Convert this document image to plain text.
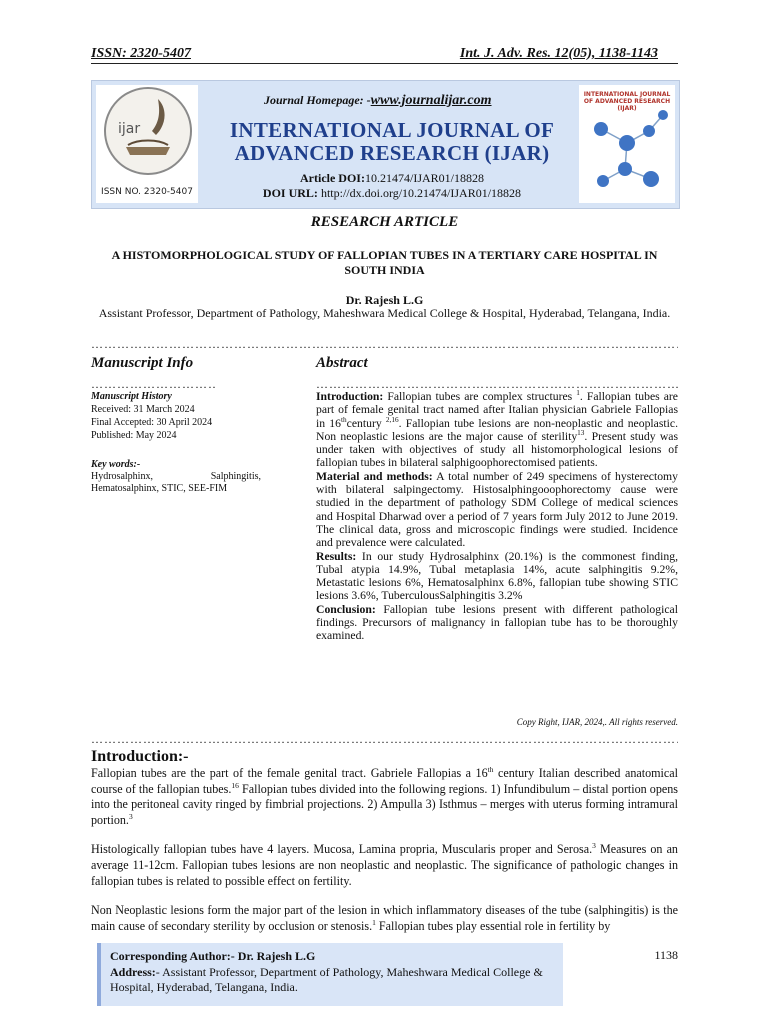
ISSN: 2320-5407	Int. J. Adv. Res. 12(05), 1138-1143
ijar
ISSN NO. 2320-5407
Journal Homepage: -www.journalijar.com
INTERNATIONAL JOURNAL OF
ADVANCED RESEARCH (IJAR)
Article DOI:10.21474/IJAR01/18828
DOI URL: http://dx.doi.org/10.21474/IJAR01/18828
INTERNATIONAL JOURNAL OF ADVANCED RESEARCH (IJAR)
RESEARCH ARTICLE
A HISTOMORPHOLOGICAL STUDY OF FALLOPIAN TUBES IN A TERTIARY CARE HOSPITAL IN SOUTH INDIA
Dr. Rajesh L.G
Assistant Professor, Department of Pathology, Maheshwara Medical College & Hospital, Hyderabad, Telangana, India.
…………………………………………………………………………………………………………………………………………………………………………………
Manuscript Info	Abstract
…………………………………………………………………………………………………………………………………………………………………………………
…………………………………………………………………………………………………………………………………………………………………………………
Manuscript History
Received: 31 March 2024
Final Accepted: 30 April 2024
Published: May 2024
Key words:-
Hydrosalphinx,	Salphingitis,
Hematosalphinx, STIC, SEE-FIM

Introduction: Fallopian tubes are complex structures $^1$. Fallopian tubes are part of female genital tract named after Italian physician Gabriele Fallopias in 16thcentury $^{2,16}$. Fallopian tube lesions are non-neoplastic and neoplastic. Non neoplastic lesions are the major cause of sterility$^{13}$. Present study was under taken with objectives of study all histomorphological lesions of fallopian tubes in bilateral salphigoophorectomised patients.

Material and methods: A total number of 249 specimens of hysterectomy with bilateral salpingectomy. Histosalphingooophorectomy cause were studied in the department of pathology SDM College of medical sciences and Hospital Dharwad over a period of 7 years form July 2012 to June 2019. The clinical data, gross and microscopic findings were studied. Incidence and prevalence were calculated.

Results: In our study Hydrosalphinx (20.1%) is the commonest finding, Tubal atypia 14.9%, Tubal metaplasia 14%, acute salphingitis 9.2%, Metastatic lesions 6%, Hematosalphinx 6.8%, fallopian tube showing STIC lesions 3.6%, TuberculousSalphingitis 3.2%

Conclusion: Fallopian tube lesions present with different pathological findings. Precursors of malignancy in fallopian tube has to be thoroughly examined.

Copy Right, IJAR, 2024,. All rights reserved.
…………………………………………………………………………………………………………………………………………………………………………………
Introduction:-

Fallopian tubes are the part of the female genital tract. Gabriele Fallopias a 16th century Italian described anatomical course of the fallopian tubes.$^{16}$ Fallopian tubes divided into the following regions. 1) Infundibulum – distal portion opens into the peritoneal cavity ringed by fimbrial projections. 2) Ampulla 3) Isthmus – merges with uterus forming intramural portion.$^3$

Histologically fallopian tubes have 4 layers. Mucosa, Lamina propria, Muscularis proper and Serosa.$^3$ Measures on an average 11-12cm. Fallopian tubes lesions are non neoplastic and neoplastic. The significance of pathologic changes in fallopian tubes is related to possible effect on fertility.

Non Neoplastic lesions form the major part of the lesion in which inflammatory diseases of the tube (salphingitis) is the main cause of secondary sterility by occlusion or stenosis.$^1$ Fallopian tubes play essential role in fertility by

Corresponding Author:- Dr. Rajesh L.G
Address:- Assistant Professor, Department of Pathology, Maheshwara Medical College & Hospital, Hyderabad, Telangana, India.
1138
